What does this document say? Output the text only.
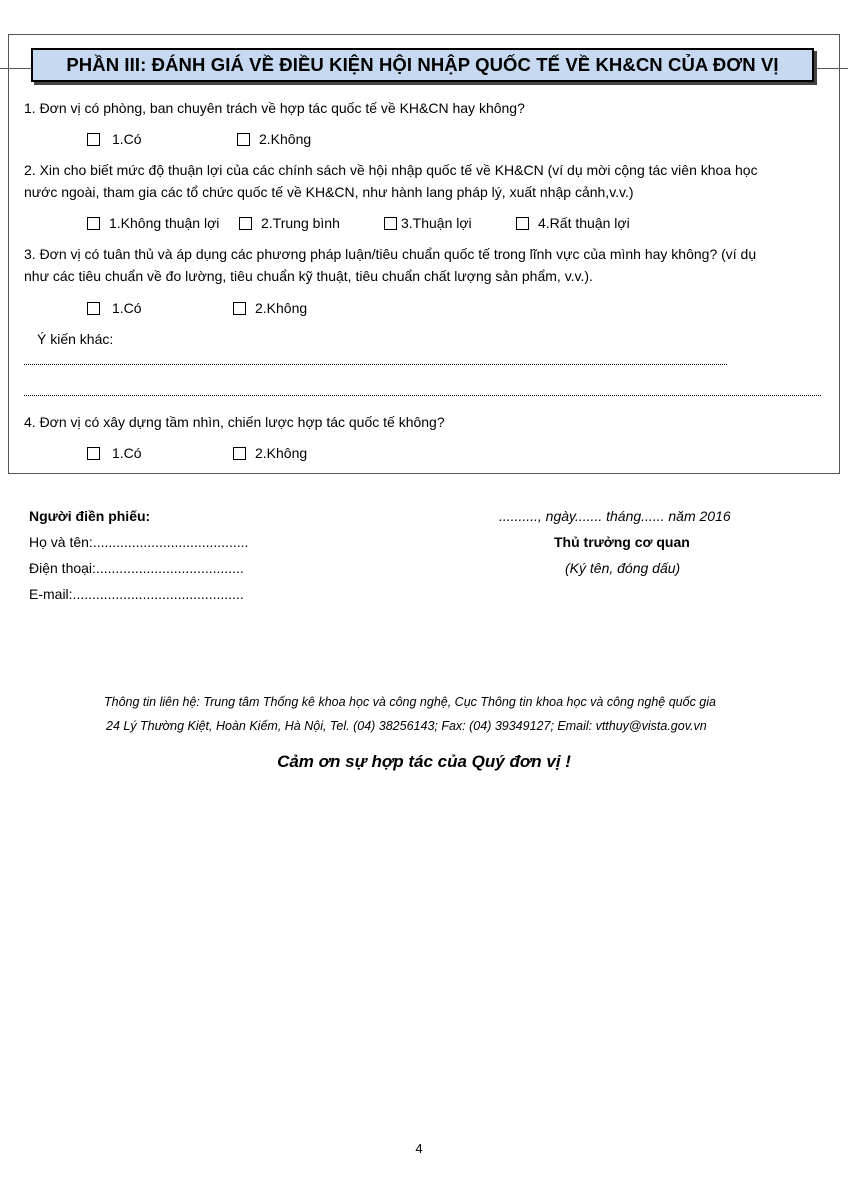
PHẦN III: ĐÁNH GIÁ VỀ ĐIỀU KIỆN HỘI NHẬP QUỐC TẾ VỀ KH&CN CỦA ĐƠN VỊ
1. Đơn vị có phòng, ban chuyên trách về hợp tác quốc tế về KH&CN hay không?
1.Có	2.Không
2. Xin cho biết mức độ thuận lợi của các chính sách về hội nhập quốc tế về KH&CN (ví dụ mời cộng tác viên khoa học
nước ngoài, tham gia các tổ chức quốc tế về KH&CN, như hành lang pháp lý, xuất nhập cảnh,v.v.)
1.Không thuận lợi	2.Trung bình	3.Thuận lợi	4.Rất thuận lợi
3. Đơn vị có tuân thủ và áp dụng các phương pháp luận/tiêu chuẩn quốc tế trong lĩnh vực của mình hay không? (ví dụ
như các tiêu chuẩn về đo lường, tiêu chuẩn kỹ thuật, tiêu chuẩn chất lượng sản phẩm, v.v.).
1.Có	2.Không
Ý kiến khác:
4. Đơn vị có xây dựng tầm nhìn, chiến lược hợp tác quốc tế không?
1.Có	2.Không
Người điền phiếu:
Họ và tên:........................................
Điện thoại:......................................
E-mail:............................................
.........., ngày....... tháng...... năm 2016
Thủ trưởng cơ quan
(Ký tên, đóng dấu)
Thông tin liên hệ: Trung tâm Thống kê khoa học và công nghệ, Cục Thông tin khoa học và công nghệ quốc gia
24 Lý Thường Kiệt, Hoàn Kiếm, Hà Nội, Tel. (04) 38256143; Fax: (04) 39349127; Email: vtthuy@vista.gov.vn
Cảm ơn sự hợp tác của Quý đơn vị !
4
